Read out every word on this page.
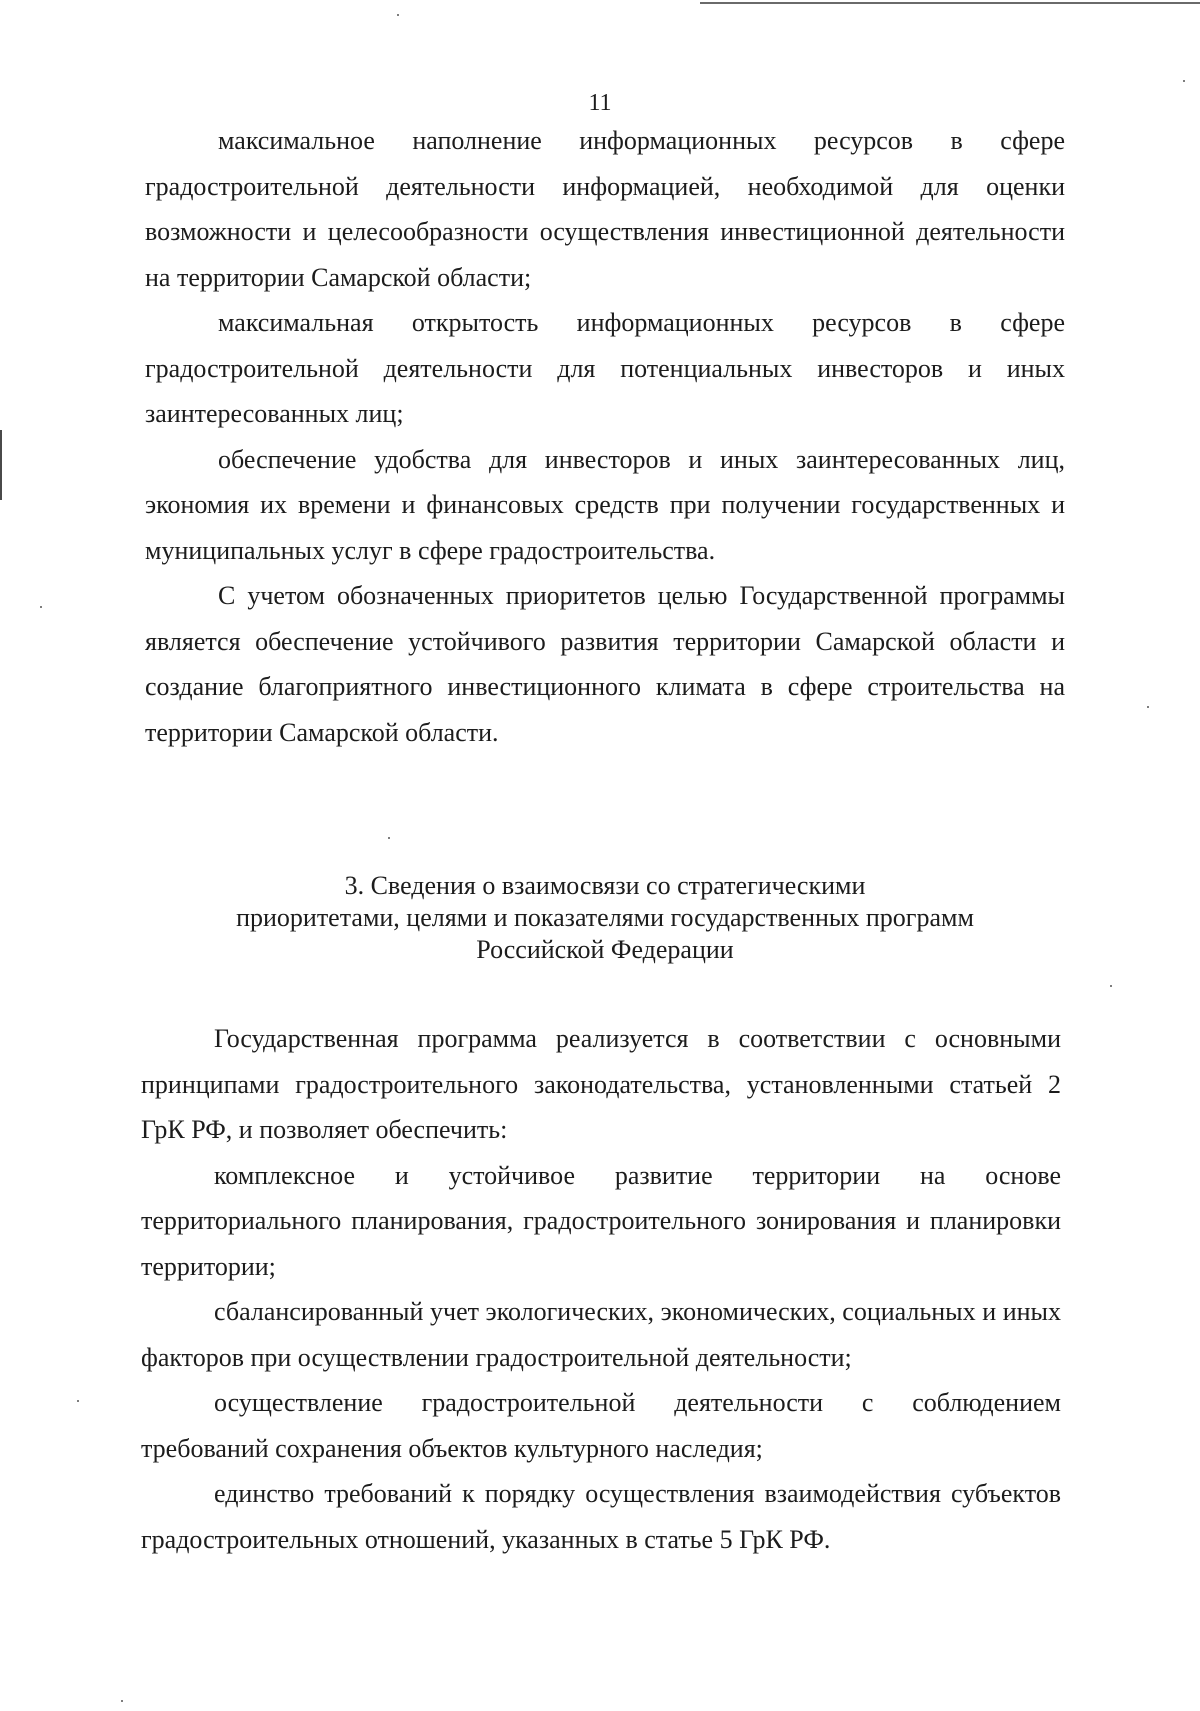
11

максимальное наполнение информационных ресурсов в сфере градостроительной деятельности информацией, необходимой для оценки возможности и целесообразности осуществления инвестиционной деятельности на территории Самарской области;

максимальная открытость информационных ресурсов в сфере градостроительной деятельности для потенциальных инвесторов и иных заинтересованных лиц;

обеспечение удобства для инвесторов и иных заинтересованных лиц, экономия их времени и финансовых средств при получении государственных и муниципальных услуг в сфере градостроительства.

С учетом обозначенных приоритетов целью Государственной программы является обеспечение устойчивого развития территории Самарской области и создание благоприятного инвестиционного климата в сфере строительства на территории Самарской области.

3. Сведения о взаимосвязи со стратегическими
приоритетами, целями и показателями государственных программ
Российской Федерации

Государственная программа реализуется в соответствии с основными принципами градостроительного законодательства, установленными статьей 2 ГрК РФ, и позволяет обеспечить:

комплексное и устойчивое развитие территории на основе территориального планирования, градостроительного зонирования и планировки территории;

сбалансированный учет экологических, экономических, социальных и иных факторов при осуществлении градостроительной деятельности;

осуществление градостроительной деятельности с соблюдением требований сохранения объектов культурного наследия;

единство требований к порядку осуществления взаимодействия субъектов градостроительных отношений, указанных в статье 5 ГрК РФ.
